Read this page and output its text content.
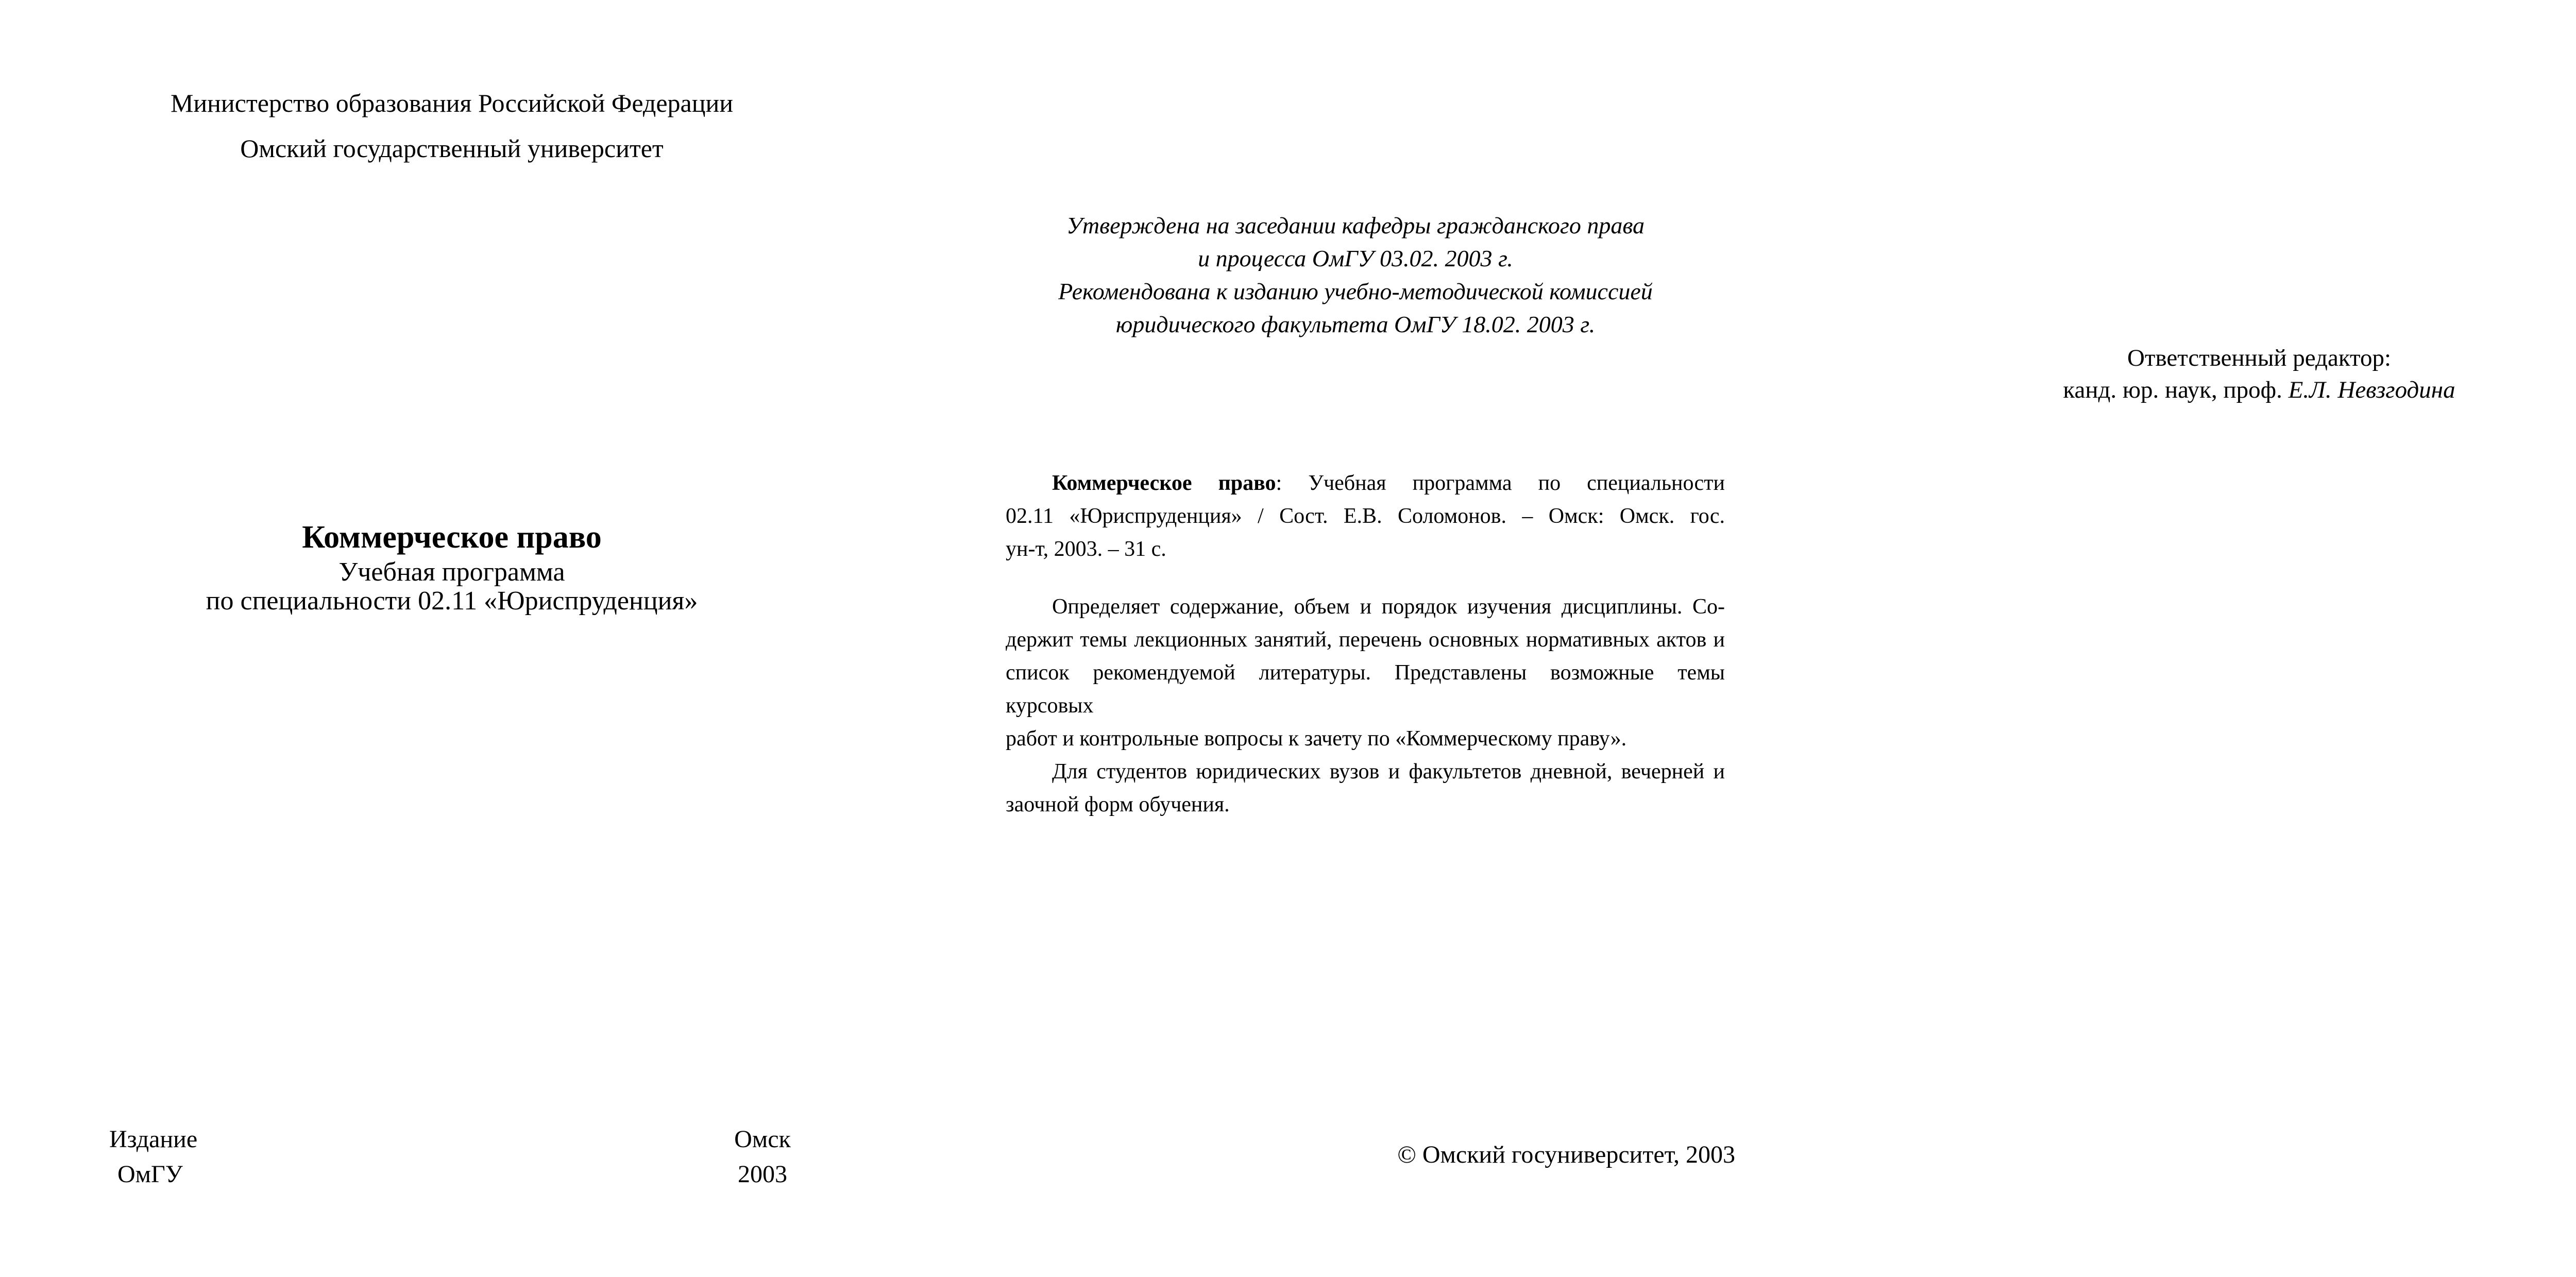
Министерство образования Российской Федерации
Омский государственный университет
Коммерческое право
Учебная программа
по специальности 02.11 «Юриспруденция»
Издание
ОмГУ
Омск
2003
Утверждена на заседании кафедры гражданского права
и процесса ОмГУ 03.02. 2003 г.
Рекомендована к изданию учебно-методической комиссией
юридического факультета ОмГУ 18.02. 2003 г.
Ответственный редактор:
канд. юр. наук, проф. Е.Л. Невзгодина
Коммерческое право: Учебная программа по специальности
02.11 «Юриспруденция» / Сост. Е.В. Соломонов. – Омск: Омск. гос.
ун-т, 2003. – 31 с.
Определяет содержание, объем и порядок изучения дисциплины. Со-
держит темы лекционных занятий, перечень основных нормативных актов и
список рекомендуемой литературы. Представлены возможные темы курсовых
работ и контрольные вопросы к зачету по «Коммерческому праву».
Для студентов юридических вузов и факультетов дневной, вечерней и
заочной форм обучения.
© Омский госуниверситет, 2003
